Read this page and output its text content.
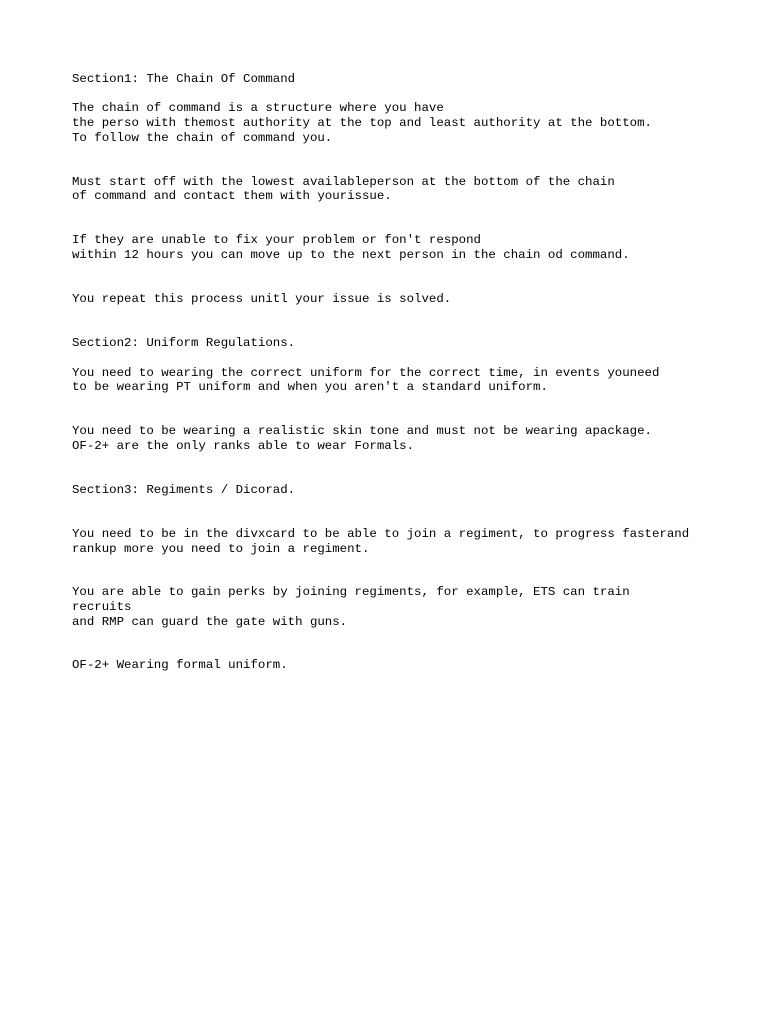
Section1: The Chain Of Command

The chain of command is a structure where you have

the perso with themost authority at the top and least authority at the bottom.

To follow the chain of command you.

Must start off with the lowest availableperson at the bottom of the chain

of command and contact them with yourissue.

If they are unable to fix your problem or fon't respond

within 12 hours you can move up to the next person in the chain od command.

You repeat this process unitl your issue is solved.

Section2: Uniform Regulations.

You need to wearing the correct uniform for the correct time, in events youneed

to be wearing PT uniform and when you aren't a standard uniform.

You need to be wearing a realistic skin tone and must not be wearing apackage.

OF-2+ are the only ranks able to wear Formals.

Section3: Regiments / Dicorad.

You need to be in the divxcard to be able to join a regiment, to progress fasterand

rankup more you need to join a regiment.

You are able to gain perks by joining regiments, for example, ETS can train

recruits

and RMP can guard the gate with guns.

OF-2+ Wearing formal uniform.
